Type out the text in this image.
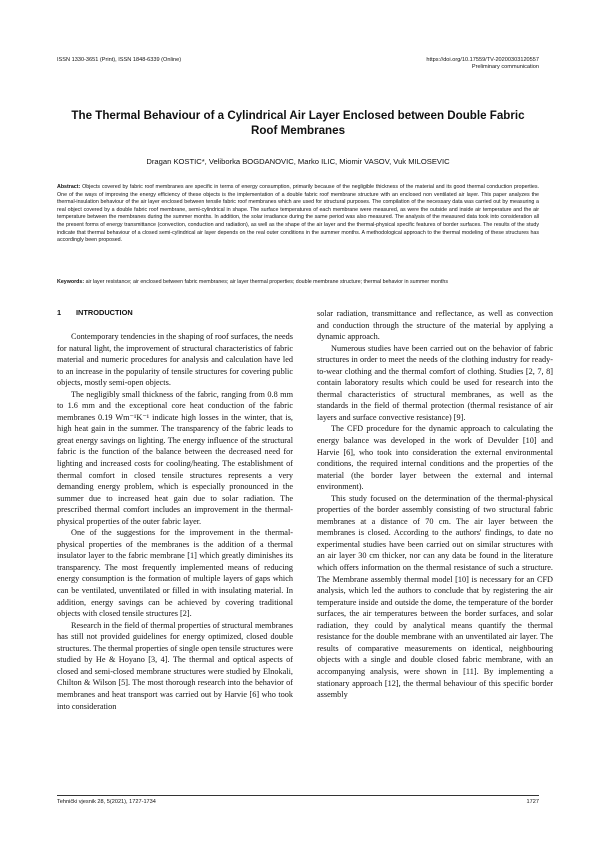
ISSN 1330-3651 (Print), ISSN 1848-6339 (Online)	https://doi.org/10.17559/TV-20200303120557
Preliminary communication
The Thermal Behaviour of a Cylindrical Air Layer Enclosed between Double Fabric Roof Membranes
Dragan KOSTIC*, Veliborka BOGDANOVIC, Marko ILIC, Miomir VASOV, Vuk MILOSEVIC
Abstract: Objects covered by fabric roof membranes are specific in terms of energy consumption, primarily because of the negligible thickness of the material and its good thermal conduction properties. One of the ways of improving the energy efficiency of these objects is the implementation of a double fabric roof membrane structure with an enclosed non ventilated air layer. This paper analyzes the thermal-insulation behaviour of the air layer enclosed between tensile fabric roof membranes which are used for structural purposes. The compilation of the necessary data was carried out by measuring a real object covered by a double fabric roof membrane, semi-cylindrical in shape. The surface temperatures of each membrane were measured, as were the outside and inside air temperature and the air temperature between the membranes during the summer months. In addition, the solar irradiance during the same period was also measured. The analysis of the measured data took into consideration all the present forms of energy transmittance (convection, conduction and radiation), as well as the shape of the air layer and the thermal-physical specific features of border surfaces. The results of the study indicate that thermal behaviour of a closed semi-cylindrical air layer depends on the real outer conditions in the summer months. A methodological approach to the thermal modeling of these structures has accordingly been proposed.
Keywords: air layer resistance; air enclosed between fabric membranes; air layer thermal properties; double membrane structure; thermal behavior in summer months
1 INTRODUCTION

Contemporary tendencies in the shaping of roof surfaces, the needs for natural light, the improvement of structural characteristics of fabric material and numeric procedures for analysis and calculation have led to an increase in the popularity of tensile structures for covering public objects, mostly semi-open objects.

The negligibly small thickness of the fabric, ranging from 0.8 mm to 1.6 mm and the exceptional core heat conduction of the fabric membranes 0.19 Wm⁻¹K⁻¹ indicate high losses in the winter, that is, high heat gain in the summer. The transparency of the fabric leads to great energy savings on lighting. The energy influence of the structural fabric is the function of the balance between the decreased need for lighting and increased costs for cooling/heating. The establishment of thermal comfort in closed tensile structures represents a very demanding energy problem, which is especially pronounced in the summer due to increased heat gain due to solar radiation. The prescribed thermal comfort includes an improvement in the thermal-physical properties of the outer fabric layer.

One of the suggestions for the improvement in the thermal-physical properties of the membranes is the addition of a thermal insulator layer to the fabric membrane [1] which greatly diminishes its transparency. The most frequently implemented means of reducing energy consumption is the formation of multiple layers of gaps which can be ventilated, unventilated or filled in with insulating material. In addition, energy savings can be achieved by covering traditional objects with closed tensile structures [2].

Research in the field of thermal properties of structural membranes has still not provided guidelines for energy optimized, closed double structures. The thermal properties of single open tensile structures were studied by He & Hoyano [3, 4]. The thermal and optical aspects of closed and semi-closed membrane structures were studied by Elnokali, Chilton & Wilson [5]. The most thorough research into the behavior of membranes and heat transport was carried out by Harvie [6] who took into consideration

solar radiation, transmittance and reflectance, as well as convection and conduction through the structure of the material by applying a dynamic approach.

Numerous studies have been carried out on the behavior of fabric structures in order to meet the needs of the clothing industry for ready-to-wear clothing and the thermal comfort of clothing. Studies [2, 7, 8] contain laboratory results which could be used for research into the thermal characteristics of structural membranes, as well as the standards in the field of thermal protection (thermal resistance of air layers and surface convective resistance) [9].

The CFD procedure for the dynamic approach to calculating the energy balance was developed in the work of Devulder [10] and Harvie [6], who took into consideration the external environmental conditions, the required internal conditions and the properties of the material (the border layer between the external and internal environment).

This study focused on the determination of the thermal-physical properties of the border assembly consisting of two structural fabric membranes at a distance of 70 cm. The air layer between the membranes is closed. According to the authors' findings, to date no experimental studies have been carried out on similar structures with an air layer 30 cm thicker, nor can any data be found in the literature which offers information on the thermal resistance of such a structure. The Membrane assembly thermal model [10] is necessary for an CFD analysis, which led the authors to conclude that by registering the air temperature inside and outside the dome, the temperature of the border surfaces, the air temperatures between the border surfaces, and solar radiation, they could by analytical means quantify the thermal resistance for the double membrane with an unventilated air layer. The results of comparative measurements on identical, neighbouring objects with a single and double closed fabric membrane, with an accompanying analysis, were shown in [11]. By implementing a stationary approach [12], the thermal behaviour of this specific border assembly

Tehnički vjesnik 28, 5(2021), 1727-1734	1727
